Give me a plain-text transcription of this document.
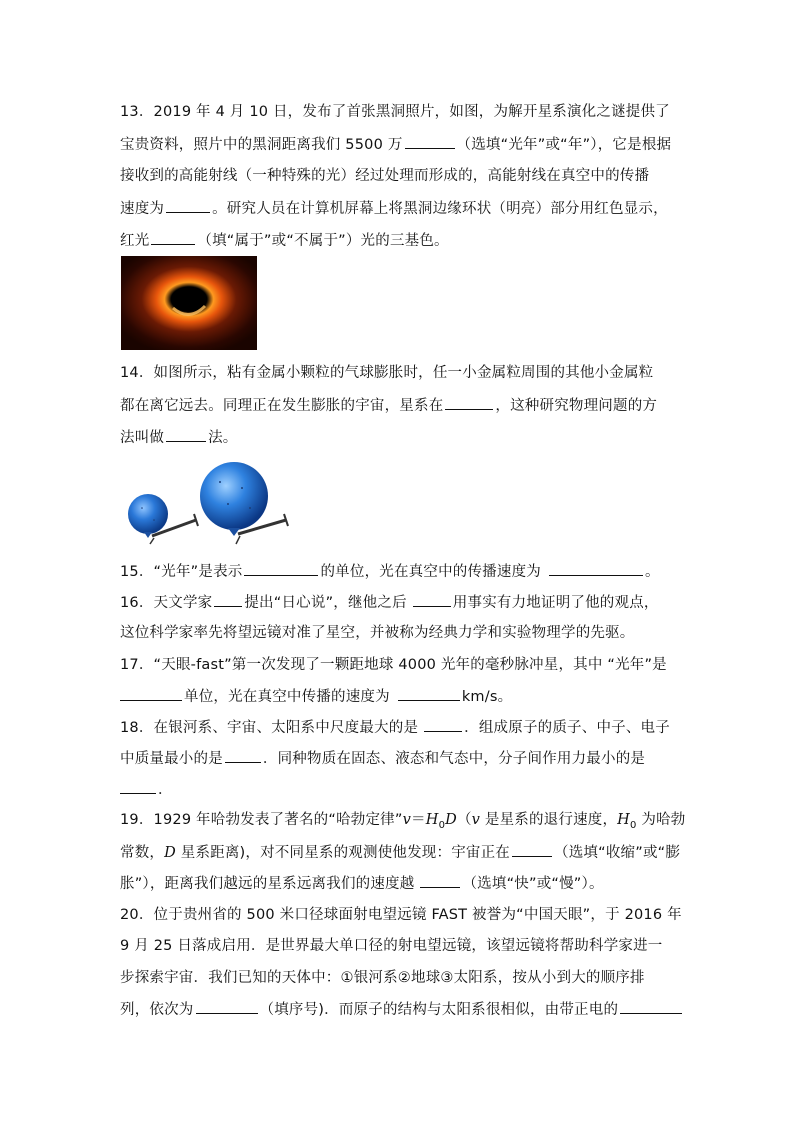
13．2019 年 4 月 10 日，发布了首张黑洞照片，如图，为解开星系演化之谜提供了
宝贵资料，照片中的黑洞距离我们 5500 万	（选填“光年”或“年”），它是根据
接收到的高能射线（一种特殊的光）经过处理而形成的，高能射线在真空中的传播
速度为	。研究人员在计算机屏幕上将黑洞边缘环状（明亮）部分用红色显示，
红光	（填“属于”或“不属于”）光的三基色。
14．如图所示，粘有金属小颗粒的气球膨胀时，任一小金属粒周围的其他小金属粒
都在离它远去。同理正在发生膨胀的宇宙，星系在	，这种研究物理问题的方
法叫做	法。
15．“光年”是表示	的单位，光在真空中的传播速度为	。
16．天文学家 提出“日心说”，继他之后	用事实有力地证明了他的观点，
这位科学家率先将望远镜对准了星空，并被称为经典力学和实验物理学的先驱。
17．“天眼-fast”第一次发现了一颗距地球 4000 光年的毫秒脉冲星，其中 “光年”是
单位，光在真空中传播的速度为	km/s。
18．在银河系、宇宙、太阳系中尺度最大的是	．组成原子的质子、中子、电子
中质量最小的是	．同种物质在固态、液态和气态中，分子间作用力最小的是
．
19．1929 年哈勃发表了著名的“哈勃定律$”v=H_0D(v$ 是星系的退行速度，$H_0$ 为哈勃
常数，D 星系距离)，对不同星系的观测使他发现：宇宙正在	（选填“收缩”或“膨
胀”），距离我们越远的星系远离我们的速度越	（选填“快”或“慢”）。
20．位于贵州省的 500 米口径球面射电望远镜 FAST 被誉为“中国天眼”，于 2016 年
9 月 25 日落成启用．是世界最大单口径的射电望远镜，该望远镜将帮助科学家进一
步探索宇宙．我们已知的天体中：①银河系②地球③太阳系，按从小到大的顺序排
列，依次为	（填序号)．而原子的结构与太阳系很相似，由带正电的
